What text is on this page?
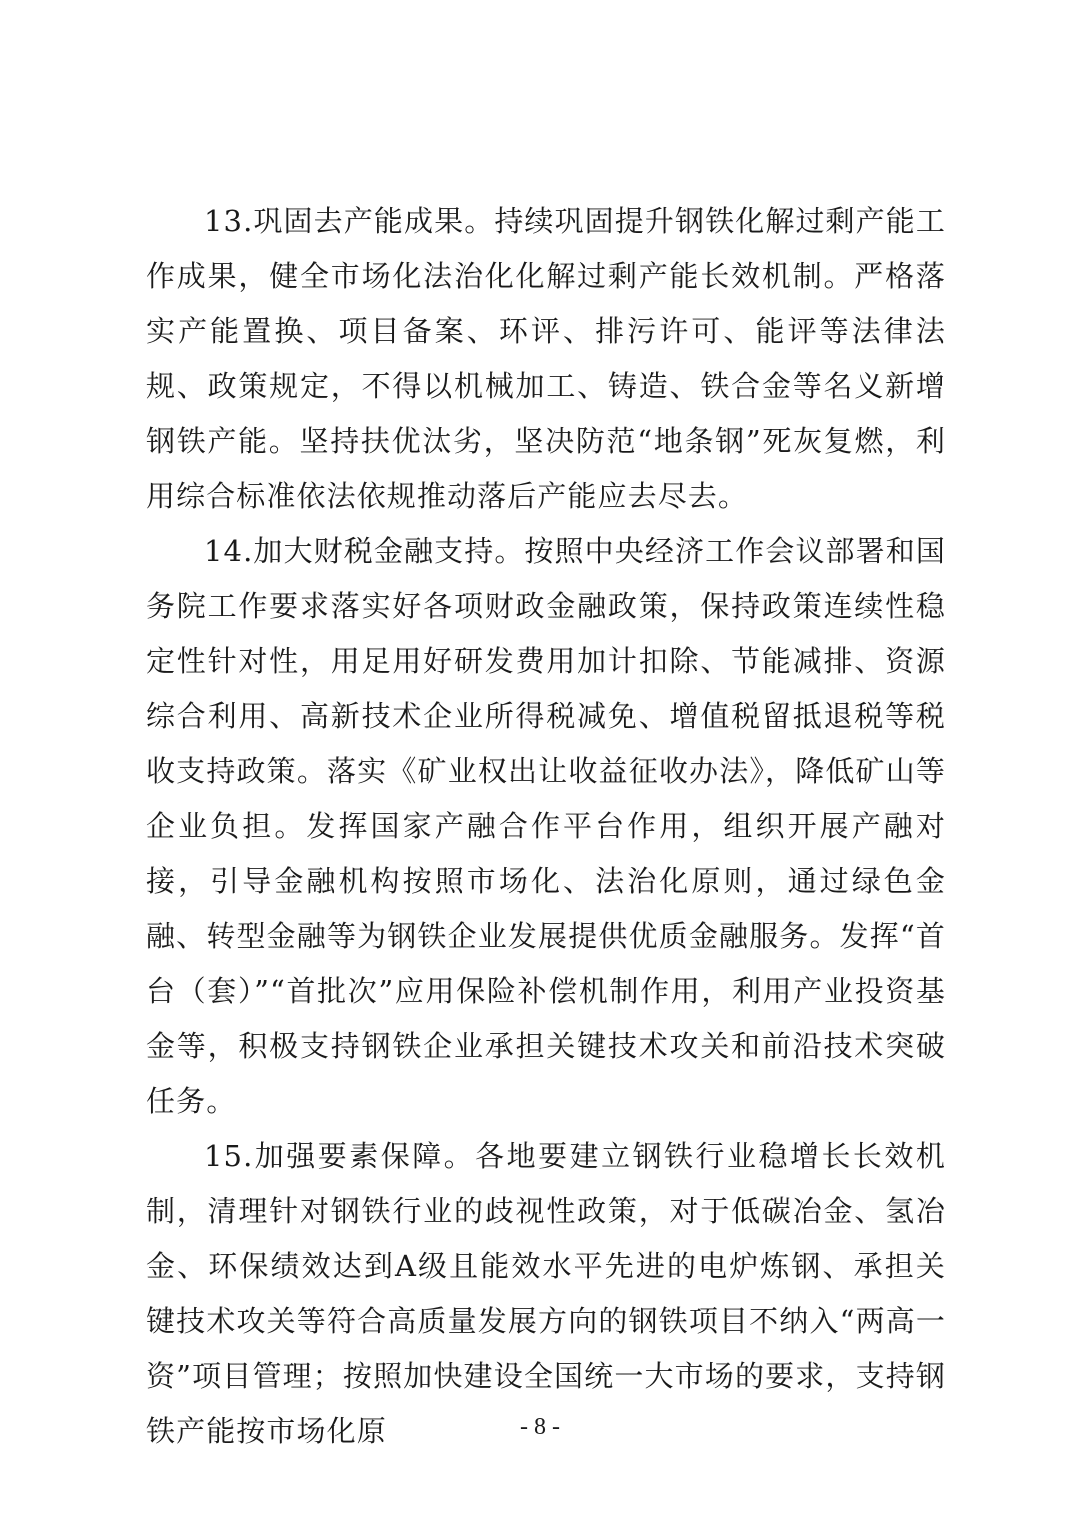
13.巩固去产能成果。持续巩固提升钢铁化解过剩产能工作成果，健全市场化法治化化解过剩产能长效机制。严格落实产能置换、项目备案、环评、排污许可、能评等法律法规、政策规定，不得以机械加工、铸造、铁合金等名义新增钢铁产能。坚持扶优汰劣，坚决防范“地条钢”死灰复燃，利用综合标准依法依规推动落后产能应去尽去。

14.加大财税金融支持。按照中央经济工作会议部署和国务院工作要求落实好各项财政金融政策，保持政策连续性稳定性针对性，用足用好研发费用加计扣除、节能减排、资源综合利用、高新技术企业所得税减免、增值税留抵退税等税收支持政策。落实《矿业权出让收益征收办法》，降低矿山等企业负担。发挥国家产融合作平台作用，组织开展产融对接，引导金融机构按照市场化、法治化原则，通过绿色金融、转型金融等为钢铁企业发展提供优质金融服务。发挥“首台（套）”“首批次”应用保险补偿机制作用，利用产业投资基金等，积极支持钢铁企业承担关键技术攻关和前沿技术突破任务。

15.加强要素保障。各地要建立钢铁行业稳增长长效机制，清理针对钢铁行业的歧视性政策，对于低碳冶金、氢冶金、环保绩效达到A级且能效水平先进的电炉炼钢、承担关键技术攻关等符合高质量发展方向的钢铁项目不纳入“两高一资”项目管理；按照加快建设全国统一大市场的要求，支持钢铁产能按市场化原	- 8 -
